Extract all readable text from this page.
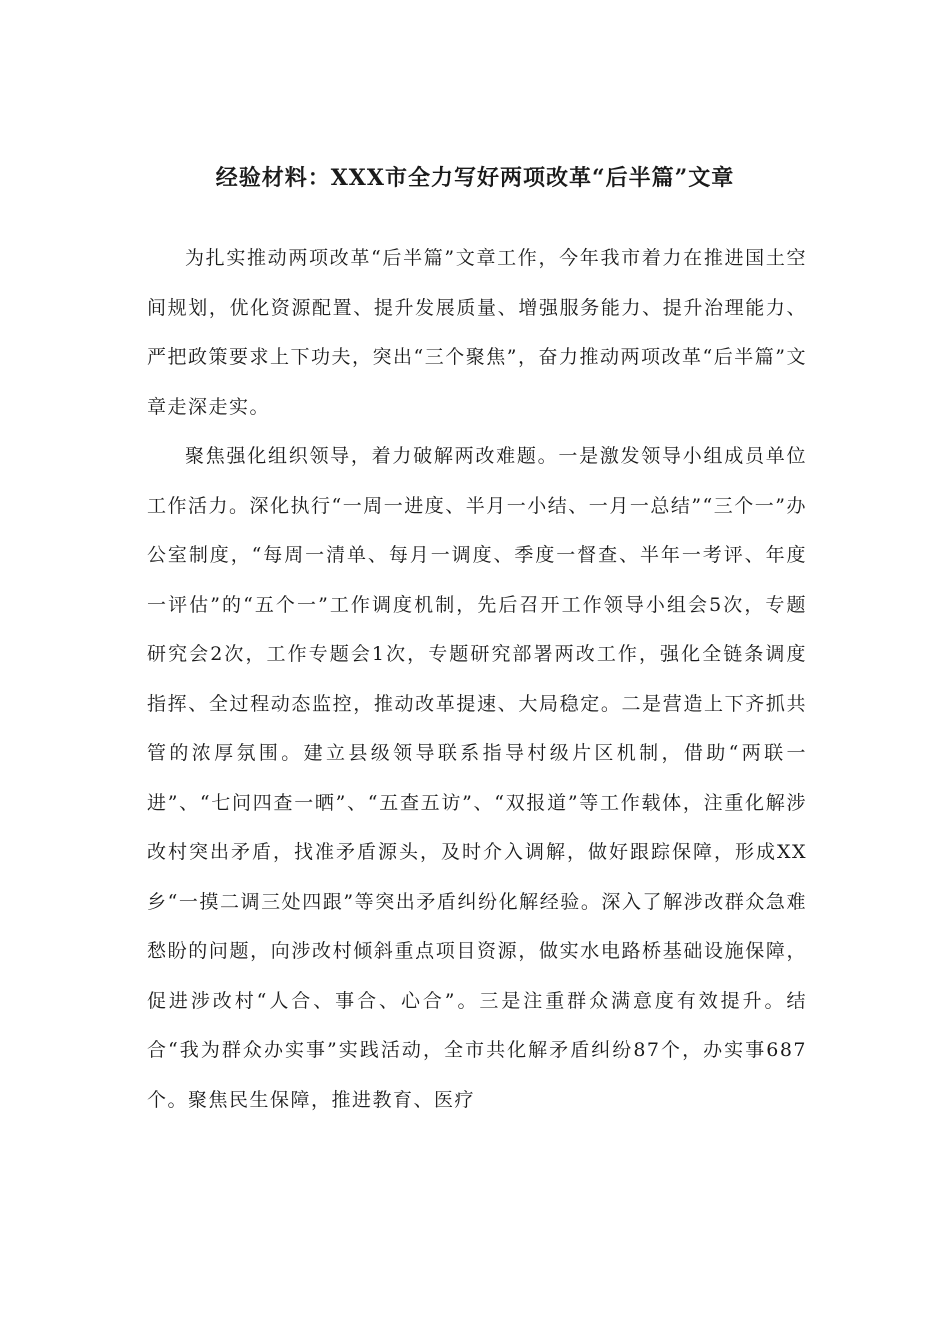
经验材料：XXX市全力写好两项改革“后半篇”文章

为扎实推动两项改革“后半篇”文章工作，今年我市着力在推进国土空间规划，优化资源配置、提升发展质量、增强服务能力、提升治理能力、严把政策要求上下功夫，突出“三个聚焦”，奋力推动两项改革“后半篇”文章走深走实。

聚焦强化组织领导，着力破解两改难题。一是激发领导小组成员单位工作活力。深化执行“一周一进度、半月一小结、一月一总结”“三个一”办公室制度，“每周一清单、每月一调度、季度一督查、半年一考评、年度一评估”的“五个一”工作调度机制，先后召开工作领导小组会5次，专题研究会2次，工作专题会1次，专题研究部署两改工作，强化全链条调度指挥、全过程动态监控，推动改革提速、大局稳定。二是营造上下齐抓共管的浓厚氛围。建立县级领导联系指导村级片区机制，借助“两联一进”、“七问四查一晒”、“五查五访”、“双报道”等工作载体，注重化解涉改村突出矛盾，找准矛盾源头，及时介入调解，做好跟踪保障，形成XX乡“一摸二调三处四跟”等突出矛盾纠纷化解经验。深入了解涉改群众急难愁盼的问题，向涉改村倾斜重点项目资源，做实水电路桥基础设施保障，促进涉改村“人合、事合、心合”。三是注重群众满意度有效提升。结合“我为群众办实事”实践活动，全市共化解矛盾纠纷87个，办实事687个。聚焦民生保障，推进教育、医疗
